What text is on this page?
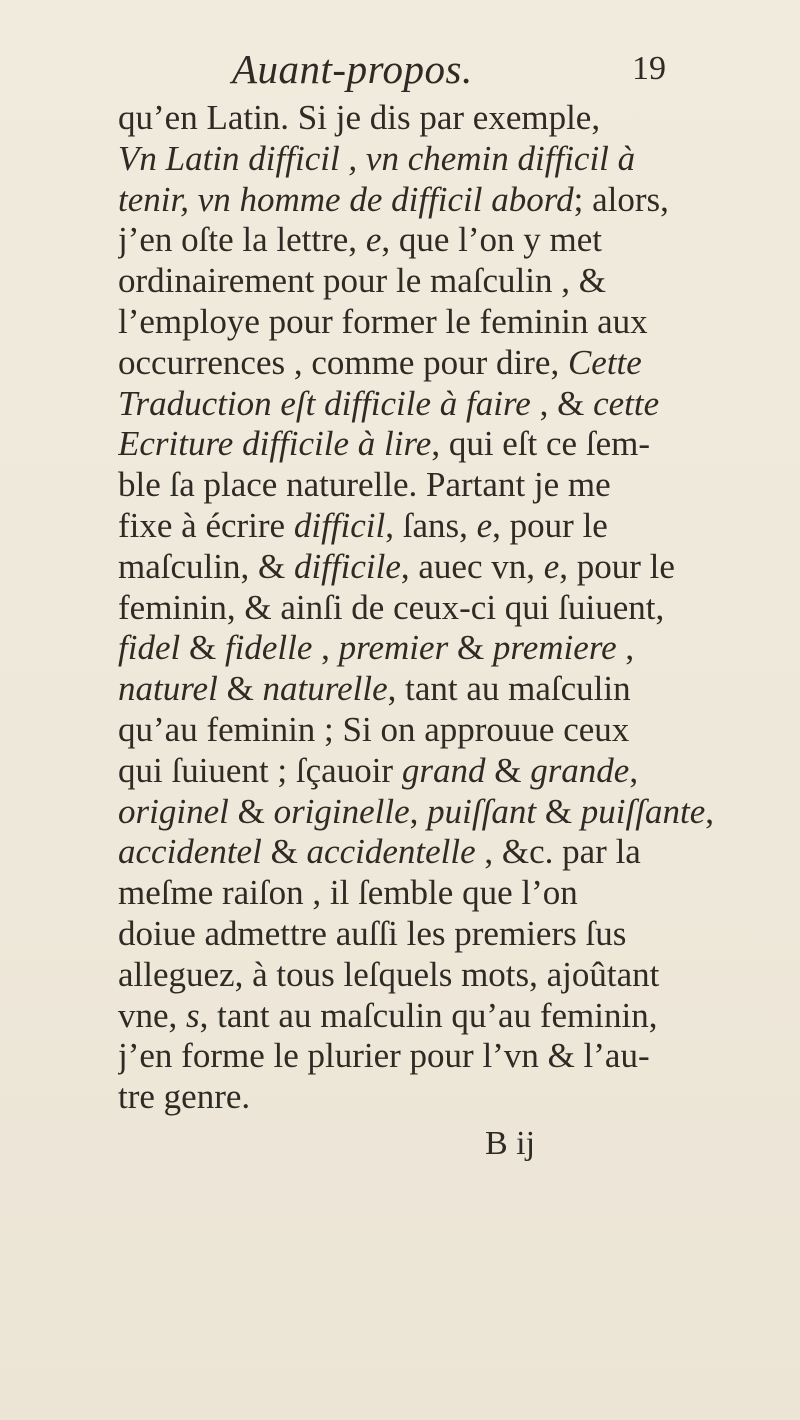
Auant-propos.	19
qu’en Latin. Si je dis par exemple,
Vn Latin difficil , vn chemin difficil à
tenir, vn homme de difficil abord; alors,
j’en oſte la lettre, e, que l’on y met
ordinairement pour le maſculin , &
l’employe pour former le feminin aux
occurrences , comme pour dire, Cette
Traduction eſt difficile à faire , & cette
Ecriture difficile à lire, qui eſt ce ſem-
ble ſa place naturelle. Partant je me
fixe à écrire difficil, ſans, e, pour le
maſculin, & difficile, auec vn, e, pour le
feminin, & ainſi de ceux-ci qui ſuiuent,
fidel & fidelle , premier & premiere ,
naturel & naturelle, tant au maſculin
qu’au feminin ; Si on approuue ceux
qui ſuiuent ; ſçauoir grand & grande,
originel & originelle, puiſſant & puiſſante,
accidentel & accidentelle , &c. par la
meſme raiſon , il ſemble que l’on
doiue admettre auſſi les premiers ſus
alleguez, à tous leſquels mots, ajoûtant
vne, s, tant au maſculin qu’au feminin,
j’en forme le plurier pour l’vn & l’au-
tre genre.
B ij
